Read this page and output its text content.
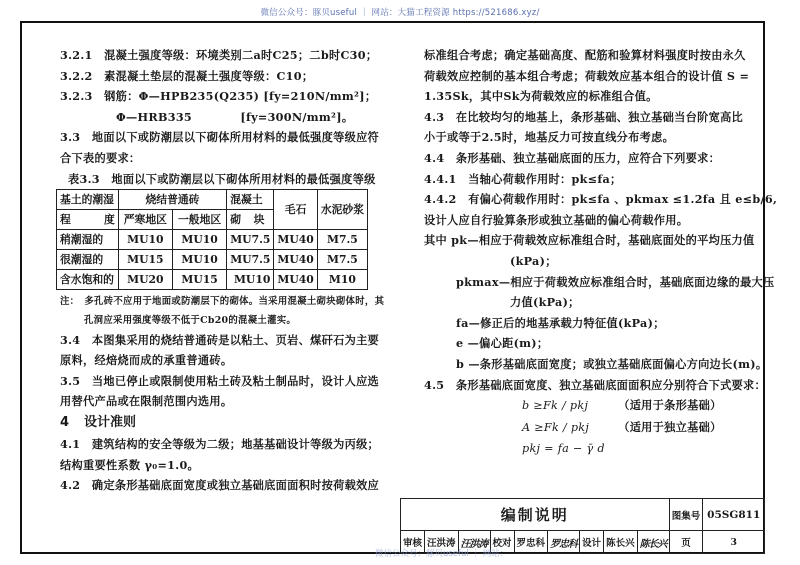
微信公众号：豚贝useful ｜ 网站：大猫工程资源 https://521686.xyz/
3.2.1　混凝土强度等级：环境类别二a时C25；二b时C30；
3.2.2　素混凝土垫层的混凝土强度等级：C10；
3.2.3　钢筋：Φ—HPB235(Q235) [fy=210N/mm²]；
Φ—HRB335	[fy=300N/mm²]。
3.3　地面以下或防潮层以下砌体所用材料的最低强度等级应符
合下表的要求：
表3.3　地面以下或防潮层以下砌体所用材料的最低强度等级
基土的潮湿	烧结普通砖		混凝土	毛石	水泥砂浆

程 度	严寒地区	一般地区	砌 块		

稍潮湿的	MU10	MU10	MU7.5	MU40	M7.5
很潮湿的	MU15	MU10	MU7.5	MU40	M7.5
含水饱和的	MU20	MU15	MU10	MU40	M10
注：　多孔砖不应用于地面或防潮层下的砌体。当采用混凝土砌块砌体时，其
孔洞应采用强度等级不低于Cb20的混凝土灌实。
3.4　本图集采用的烧结普通砖是以粘土、页岩、煤矸石为主要
原料，经焙烧而成的承重普通砖。
3.5　当地已停止或限制使用粘土砖及粘土制品时，设计人应选
用替代产品或在限制范围内选用。
4 设计准则
4.1　建筑结构的安全等级为二级；地基基础设计等级为丙级；
结构重要性系数 γ₀=1.0。
4.2　确定条形基础底面宽度或独立基础底面面积时按荷载效应
标准组合考虑；确定基础高度、配筋和验算材料强度时按由永久
荷载效应控制的基本组合考虑；荷载效应基本组合的设计值 S =
1.35Sk，其中Sk为荷载效应的标准组合值。
4.3　在比较均匀的地基上，条形基础、独立基础当台阶宽高比
小于或等于2.5时，地基反力可按直线分布考虑。
4.4　条形基础、独立基础底面的压力，应符合下列要求：
4.4.1　当轴心荷载作用时：pk≤fa；
4.4.2　有偏心荷载作用时：pk≤fa 、pkmax ≤1.2fa 且 e≤b/6,
设计人应自行验算条形或独立基础的偏心荷载作用。
其中 pk—相应于荷载效应标准组合时，基础底面处的平均压力值
(kPa)；
pkmax—相应于荷载效应标准组合时，基础底面边缘的最大压
力值(kPa)；
fa—修正后的地基承载力特征值(kPa)；
e —偏心距(m)；
b —条形基础底面宽度；或独立基础底面偏心方向边长(m)。
4.5　条形基础底面宽度、独立基础底面面积应分别符合下式要求：
b ≥Fk / pkj	（适用于条形基础）
A ≥Fk / pkj	（适用于独立基础）
pkj = fa − γ̄ d
编制说明									图集号	05SG811
审核	汪洪涛	汪洪涛	校对	罗忠科	罗忠科	设计	陈长兴	陈长兴	页	3
微信公众号：豚贝useful ｜ 网站：
